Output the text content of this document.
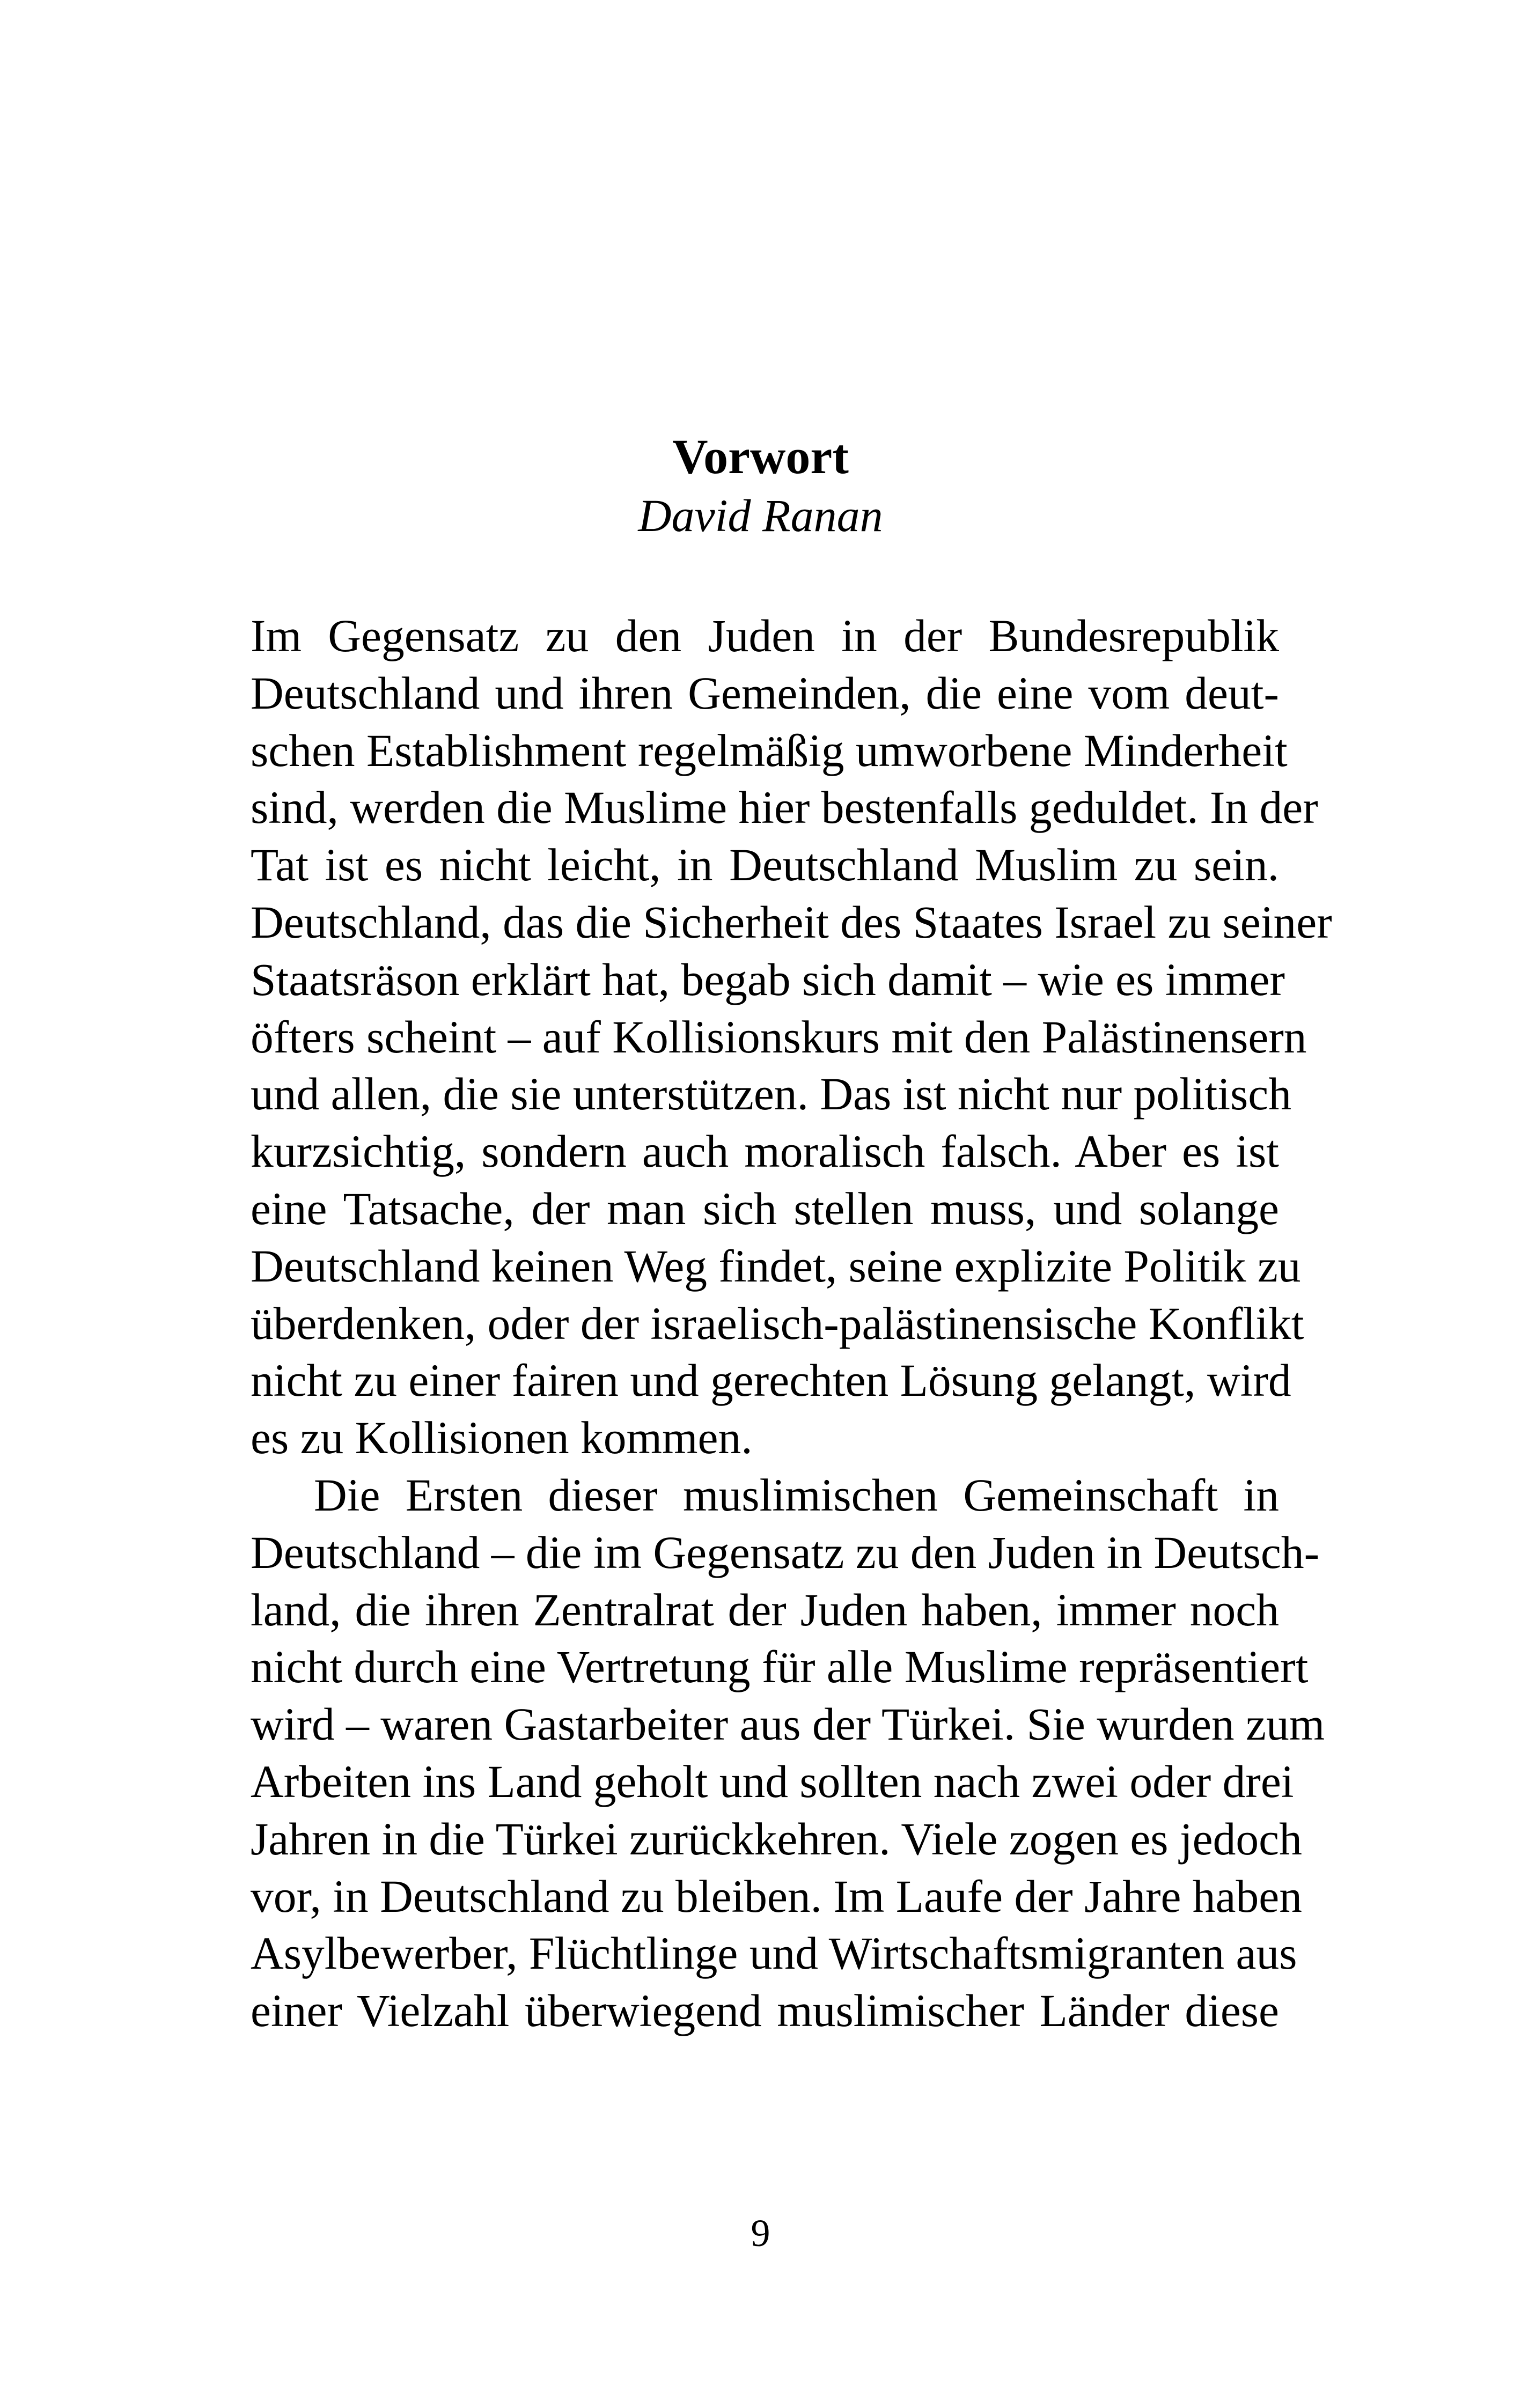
Vorwort
David Ranan

Im Gegensatz zu den Juden in der Bundesrepublik
Deutschland und ihren Gemeinden, die eine vom deut-
schen Establishment regelmäßig umworbene Minderheit
sind, werden die Muslime hier bestenfalls geduldet. In der
Tat ist es nicht leicht, in Deutschland Muslim zu sein.
Deutschland, das die Sicherheit des Staates Israel zu seiner
Staatsräson erklärt hat, begab sich damit – wie es immer
öfters scheint – auf Kollisionskurs mit den Palästinensern
und allen, die sie unterstützen. Das ist nicht nur politisch
kurzsichtig, sondern auch moralisch falsch. Aber es ist
eine Tatsache, der man sich stellen muss, und solange
Deutschland keinen Weg findet, seine explizite Politik zu
überdenken, oder der israelisch-palästinensische Konflikt
nicht zu einer fairen und gerechten Lösung gelangt, wird
es zu Kollisionen kommen.

Die Ersten dieser muslimischen Gemeinschaft in
Deutschland – die im Gegensatz zu den Juden in Deutsch-
land, die ihren Zentralrat der Juden haben, immer noch
nicht durch eine Vertretung für alle Muslime repräsentiert
wird – waren Gastarbeiter aus der Türkei. Sie wurden zum
Arbeiten ins Land geholt und sollten nach zwei oder drei
Jahren in die Türkei zurückkehren. Viele zogen es jedoch
vor, in Deutschland zu bleiben. Im Laufe der Jahre haben
Asylbewerber, Flüchtlinge und Wirtschaftsmigranten aus
einer Vielzahl überwiegend muslimischer Länder diese

9
